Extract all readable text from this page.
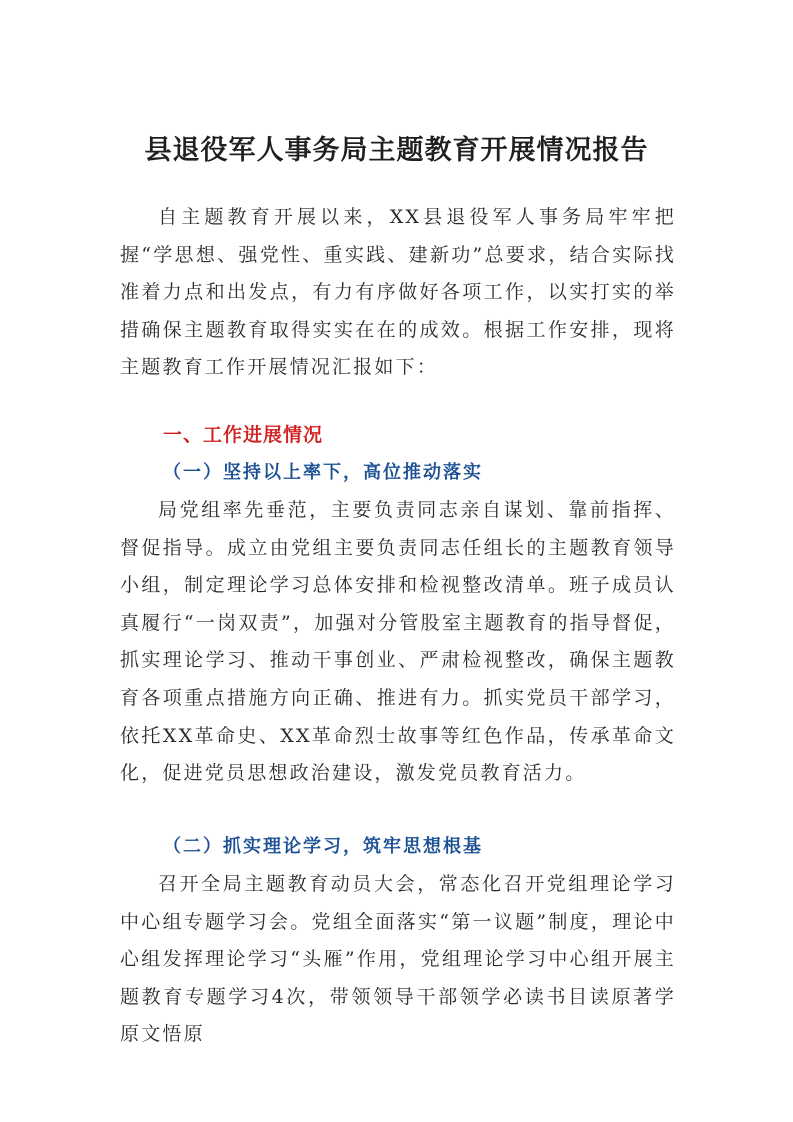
县退役军人事务局主题教育开展情况报告

自主题教育开展以来，XX县退役军人事务局牢牢把握“学思想、强党性、重实践、建新功”总要求，结合实际找准着力点和出发点，有力有序做好各项工作，以实打实的举措确保主题教育取得实实在在的成效。根据工作安排，现将主题教育工作开展情况汇报如下：

一、工作进展情况
（一）坚持以上率下，高位推动落实

局党组率先垂范，主要负责同志亲自谋划、靠前指挥、督促指导。成立由党组主要负责同志任组长的主题教育领导小组，制定理论学习总体安排和检视整改清单。班子成员认真履行“一岗双责”，加强对分管股室主题教育的指导督促，抓实理论学习、推动干事创业、严肃检视整改，确保主题教育各项重点措施方向正确、推进有力。抓实党员干部学习，依托XX革命史、XX革命烈士故事等红色作品，传承革命文化，促进党员思想政治建设，激发党员教育活力。

（二）抓实理论学习，筑牢思想根基

召开全局主题教育动员大会，常态化召开党组理论学习中心组专题学习会。党组全面落实“第一议题”制度，理论中心组发挥理论学习“头雁”作用，党组理论学习中心组开展主题教育专题学习4次，带领领导干部领学必读书目读原著学原文悟原
